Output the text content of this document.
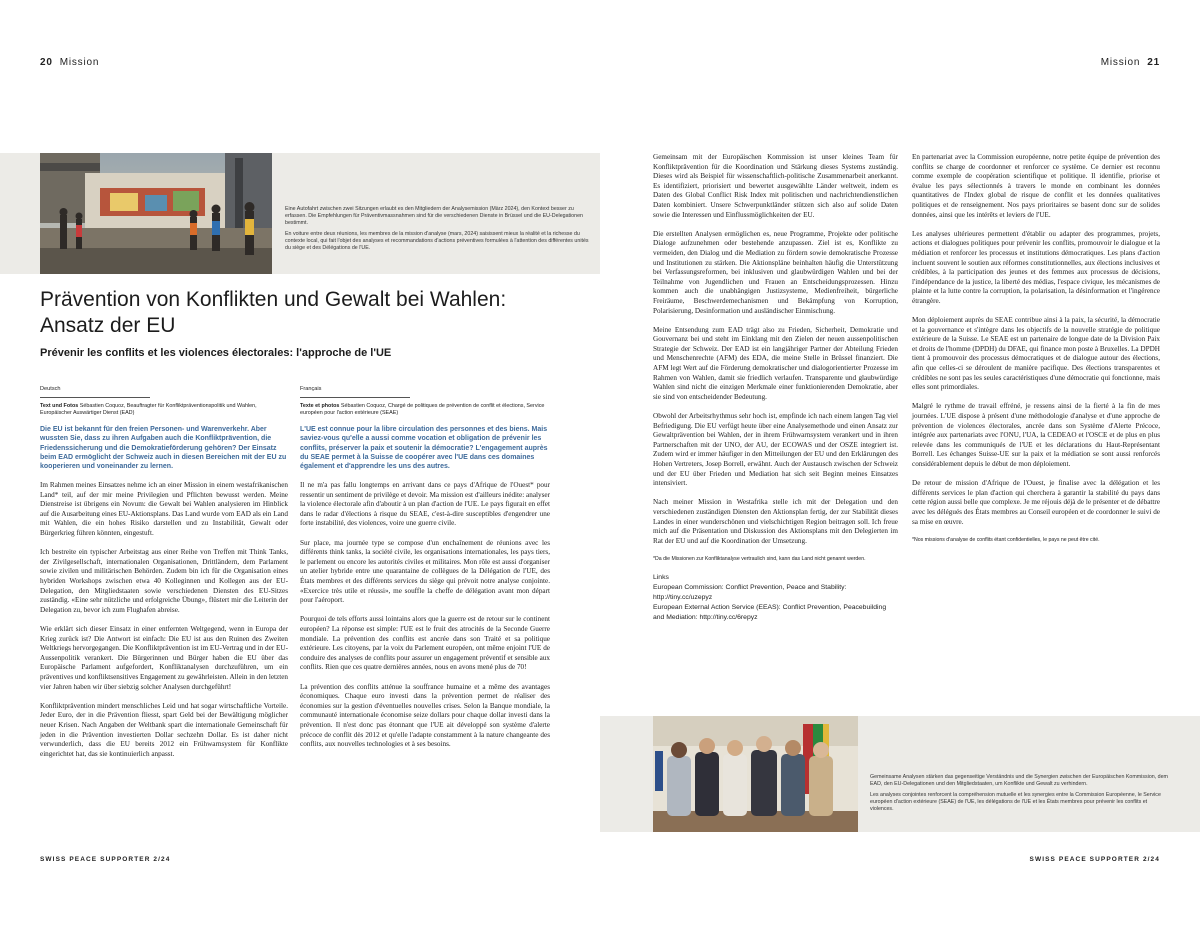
20 Mission

Eine Autofahrt zwischen zwei Sitzungen erlaubt es den Mitgliedern der Analysemission (März 2024), den Kontext besser zu erfassen. Die Empfehlungen für Präventivmassnahmen sind für die verschiedenen Dienste in Brüssel und die EU-Delegationen bestimmt.

En voiture entre deux réunions, les membres de la mission d'analyse (mars, 2024) saisissent mieux la réalité et la richesse du contexte local, qui fait l'objet des analyses et recommandations d'actions préventives formulées à l'attention des différentes unités du siège et des Délégations de l'UE.

Prävention von Konflikten und Gewalt bei Wahlen: Ansatz der EU
Prévenir les conflits et les violences électorales: l'approche de l'UE
Deutsch

Text und Fotos Sébastien Coquoz, Beauftragter für Konfliktpräventionspolitik und Wahlen, Europäischer Auswärtiger Dienst (EAD)

Die EU ist bekannt für den freien Personen- und Warenverkehr. Aber wussten Sie, dass zu ihren Aufgaben auch die Konfliktprävention, die Friedenssicherung und die Demokratieförderung gehören? Der Einsatz beim EAD ermöglicht der Schweiz auch in diesen Bereichen mit der EU zu kooperieren und voneinander zu lernen.

Im Rahmen meines Einsatzes nehme ich an einer Mission in einem westafrikanischen Land* teil, auf der mir meine Privilegien und Pflichten bewusst werden. Meine Dienstreise ist übrigens ein Novum: die Gewalt bei Wahlen analysieren im Hinblick auf die Ausarbeitung eines EU-Aktionsplans. Das Land wurde vom EAD als ein Land mit Wahlen, die ein hohes Risiko darstellen und zu Instabilität, Gewalt oder Bürgerkrieg führen könnten, eingestuft.

Ich bestreite ein typischer Arbeitstag aus einer Reihe von Treffen mit Think Tanks, der Zivilgesellschaft, internationalen Organisationen, Drittländern, dem Parlament sowie zivilen und militärischen Behörden. Zudem bin ich für die Organisation eines hybriden Workshops zwischen etwa 40 Kolleginnen und Kollegen aus der EU-Delegation, den Mitgliedstaaten sowie verschiedenen Diensten des EU-Sitzes zuständig. «Eine sehr nützliche und erfolgreiche Übung», flüstert mir die Leiterin der Delegation zu, bevor ich zum Flughafen abreise.

Wie erklärt sich dieser Einsatz in einer entfernten Weltgegend, wenn in Europa der Krieg zurück ist? Die Antwort ist einfach: Die EU ist aus den Ruinen des Zweiten Weltkriegs hervorgegangen. Die Konfliktprävention ist im EU-Vertrag und in der EU-Aussenpolitik verankert. Die Bürgerinnen und Bürger haben die EU über das Europäische Parlament aufgefordert, Konfliktanalysen durchzuführen, um ein präventives und konfliktsensitives Engagement zu gewährleisten. Allein in den letzten vier Jahren haben wir über siebzig solcher Analysen durchgeführt!

Konfliktprävention mindert menschliches Leid und hat sogar wirtschaftliche Vorteile. Jeder Euro, der in die Prävention fliesst, spart Geld bei der Bewältigung möglicher neuer Krisen. Nach Angaben der Weltbank spart die internationale Gemeinschaft für jeden in die Prävention investierten Dollar sechzehn Dollar. Es ist daher nicht verwunderlich, dass die EU bereits 2012 ein Frühwarnsystem für Konflikte eingerichtet hat, das sie kontinuierlich anpasst.

Français

Texte et photos Sébastien Coquoz, Chargé de politiques de prévention de conflit et élections, Service européen pour l'action extérieure (SEAE)

L'UE est connue pour la libre circulation des personnes et des biens. Mais saviez-vous qu'elle a aussi comme vocation et obligation de prévenir les conflits, préserver la paix et soutenir la démocratie? L'engagement auprès du SEAE permet à la Suisse de coopérer avec l'UE dans ces domaines également et d'apprendre les uns des autres.

Il ne m'a pas fallu longtemps en arrivant dans ce pays d'Afrique de l'Ouest* pour ressentir un sentiment de privilège et devoir. Ma mission est d'ailleurs inédite: analyser la violence électorale afin d'aboutir à un plan d'action de l'UE. Le pays figurait en effet dans le radar d'élections à risque du SEAE, c'est-à-dire susceptibles d'engendrer une forte instabilité, des violences, voire une guerre civile.

Sur place, ma journée type se compose d'un enchaînement de réunions avec les différents think tanks, la société civile, les organisations internationales, les pays tiers, le parlement ou encore les autorités civiles et militaires. Mon rôle est aussi d'organiser un atelier hybride entre une quarantaine de collègues de la Délégation de l'UE, des États membres et des différents services du siège qui prévoit notre analyse conjointe. «Exercice très utile et réussi», me souffle la cheffe de délégation avant mon départ pour l'aéroport.

Pourquoi de tels efforts aussi lointains alors que la guerre est de retour sur le continent européen? La réponse est simple: l'UE est le fruit des atrocités de la Seconde Guerre mondiale. La prévention des conflits est ancrée dans son Traité et sa politique extérieure. Les citoyens, par la voix du Parlement européen, ont même enjoint l'UE de conduire des analyses de conflits pour assurer un engagement préventif et sensible aux conflits. Rien que ces quatre dernières années, nous en avons mené plus de 70!

La prévention des conflits atténue la souffrance humaine et a même des avantages économiques. Chaque euro investi dans la prévention permet de réaliser des économies sur la gestion d'éventuelles nouvelles crises. Selon la Banque mondiale, la communauté internationale économise seize dollars pour chaque dollar investi dans la prévention. Il n'est donc pas étonnant que l'UE ait développé son système d'alerte précoce de conflit dès 2012 et qu'elle l'adapte constamment à la nature changeante des conflits, aux nouvelles technologies et à ses besoins.

SWISS PEACE SUPPORTER 2/24
Mission 21

Gemeinsam mit der Europäischen Kommission ist unser kleines Team für Konfliktprävention für die Koordination und Stärkung dieses Systems zuständig. Dieses wird als Beispiel für wissenschaftlich-politische Zusammenarbeit anerkannt. Es identifiziert, priorisiert und bewertet ausgewählte Länder weltweit, indem es Daten des Global Conflict Risk Index mit politischen und nachrichtendienstlichen Daten kombiniert. Unsere Schwerpunktländer stützen sich also auf solide Daten sowie die Interessen und Einflussmöglichkeiten der EU.

Die erstellten Analysen ermöglichen es, neue Programme, Projekte oder politische Dialoge aufzunehmen oder bestehende anzupassen. Ziel ist es, Konflikte zu vermeiden, den Dialog und die Mediation zu fördern sowie demokratische Prozesse und Institutionen zu stärken. Die Aktionspläne beinhalten häufig die Unterstützung bei Verfassungsreformen, bei inklusiven und glaubwürdigen Wahlen und bei der Teilnahme von Jugendlichen und Frauen an Entscheidungsprozessen. Hinzu kommen auch die unabhängigen Justizsysteme, Medienfreiheit, bürgerliche Freiräume, Beschwerdemechanismen und Bekämpfung von Korruption, Polarisierung, Desinformation und ausländischer Einmischung.

Meine Entsendung zum EAD trägt also zu Frieden, Sicherheit, Demokratie und Gouvernanz bei und steht im Einklang mit den Zielen der neuen aussenpolitischen Strategie der Schweiz. Der EAD ist ein langjähriger Partner der Abteilung Frieden und Menschenrechte (AFM) des EDA, die meine Stelle in Brüssel finanziert. Die AFM legt Wert auf die Förderung demokratischer und dialogorientierter Prozesse im Rahmen von Wahlen, damit sie friedlich verlaufen. Transparente und glaubwürdige Wahlen sind nicht die einzigen Merkmale einer funktionierenden Demokratie, aber sie sind von entscheidender Bedeutung.

Obwohl der Arbeitsrhythmus sehr hoch ist, empfinde ich nach einem langen Tag viel Befriedigung. Die EU verfügt heute über eine Analysemethode und einen Ansatz zur Gewaltprävention bei Wahlen, der in ihrem Frühwarnsystem verankert und in ihren Partnerschaften mit der UNO, der AU, der ECOWAS und der OSZE integriert ist. Zudem wird er immer häufiger in den Mitteilungen der EU und den Erklärungen des Hohen Vertreters, Josep Borrell, erwähnt. Auch der Austausch zwischen der Schweiz und der EU über Frieden und Mediation hat sich seit Beginn meines Einsatzes intensiviert.

Nach meiner Mission in Westafrika stelle ich mit der Delegation und den verschiedenen zuständigen Diensten den Aktionsplan fertig, der zur Stabilität dieses Landes in einer wunderschönen und vielschichtigen Region beitragen soll. Ich freue mich auf die Präsentation und Diskussion des Aktionsplans mit den Delegierten im Rat der EU und auf die Koordination der Umsetzung.

*Da die Missionen zur Konfliktanalyse vertraulich sind, kann das Land nicht genannt werden.

Links
European Commission: Conflict Prevention, Peace and Stability: http://tiny.cc/uzepyz
European External Action Service (EEAS): Conflict Prevention, Peacebuilding and Mediation: http://tiny.cc/6repyz

En partenariat avec la Commission européenne, notre petite équipe de prévention des conflits se charge de coordonner et renforcer ce système. Ce dernier est reconnu comme exemple de coopération scientifique et politique. Il identifie, priorise et évalue les pays sélectionnés à travers le monde en combinant les données quantitatives de l'Index global de risque de conflit et les données qualitatives politiques et de renseignement. Nos pays prioritaires se basent donc sur de solides données, ainsi que les intérêts et leviers de l'UE.

Les analyses ultérieures permettent d'établir ou adapter des programmes, projets, actions et dialogues politiques pour prévenir les conflits, promouvoir le dialogue et la médiation et renforcer les processus et institutions démocratiques. Les plans d'action incluent souvent le soutien aux réformes constitutionnelles, aux élections inclusives et crédibles, à la participation des jeunes et des femmes aux processus de décisions, l'indépendance de la justice, la liberté des médias, l'espace civique, les mécanismes de plainte et la lutte contre la corruption, la polarisation, la désinformation et l'ingérence étrangère.

Mon déploiement auprès du SEAE contribue ainsi à la paix, la sécurité, la démocratie et la gouvernance et s'intègre dans les objectifs de la nouvelle stratégie de politique extérieure de la Suisse. Le SEAE est un partenaire de longue date de la Division Paix et droits de l'homme (DPDH) du DFAE, qui finance mon poste à Bruxelles. La DPDH tient à promouvoir des processus démocratiques et de dialogue autour des élections, afin que celles-ci se déroulent de manière pacifique. Des élections transparentes et crédibles ne sont pas les seules caractéristiques d'une démocratie qui fonctionne, mais elles sont primordiales.

Malgré le rythme de travail effréné, je ressens ainsi de la fierté à la fin de mes journées. L'UE dispose à présent d'une méthodologie d'analyse et d'une approche de prévention de violences électorales, ancrée dans son Système d'Alerte Précoce, intégrée aux partenariats avec l'ONU, l'UA, la CEDEAO et l'OSCE et de plus en plus relevée dans les communiqués de l'UE et les déclarations du Haut-Représentant Borrell. Les échanges Suisse-UE sur la paix et la médiation se sont aussi renforcés considérablement depuis le début de mon déploiement.

De retour de mission d'Afrique de l'Ouest, je finalise avec la délégation et les différents services le plan d'action qui cherchera à garantir la stabilité du pays dans cette région aussi belle que complexe. Je me réjouis déjà de le présenter et de débattre avec les délégués des États membres au Conseil européen et de coordonner le suivi de sa mise en œuvre.

*Nos missions d'analyse de conflits étant confidentielles, le pays ne peut être cité.

Gemeinsame Analysen stärken das gegenseitige Verständnis und die Synergien zwischen der Europäischen Kommission, dem EAD, den EU-Delegationen und den Mitgliedstaaten, um Konflikte und Gewalt zu verhindern.

Les analyses conjointes renforcent la compréhension mutuelle et les synergies entre la Commission Européenne, le Service européen d'action extérieure (SEAE) de l'UE, les délégations de l'UE et les États membres pour prévenir les conflits et violences.

SWISS PEACE SUPPORTER 2/24
